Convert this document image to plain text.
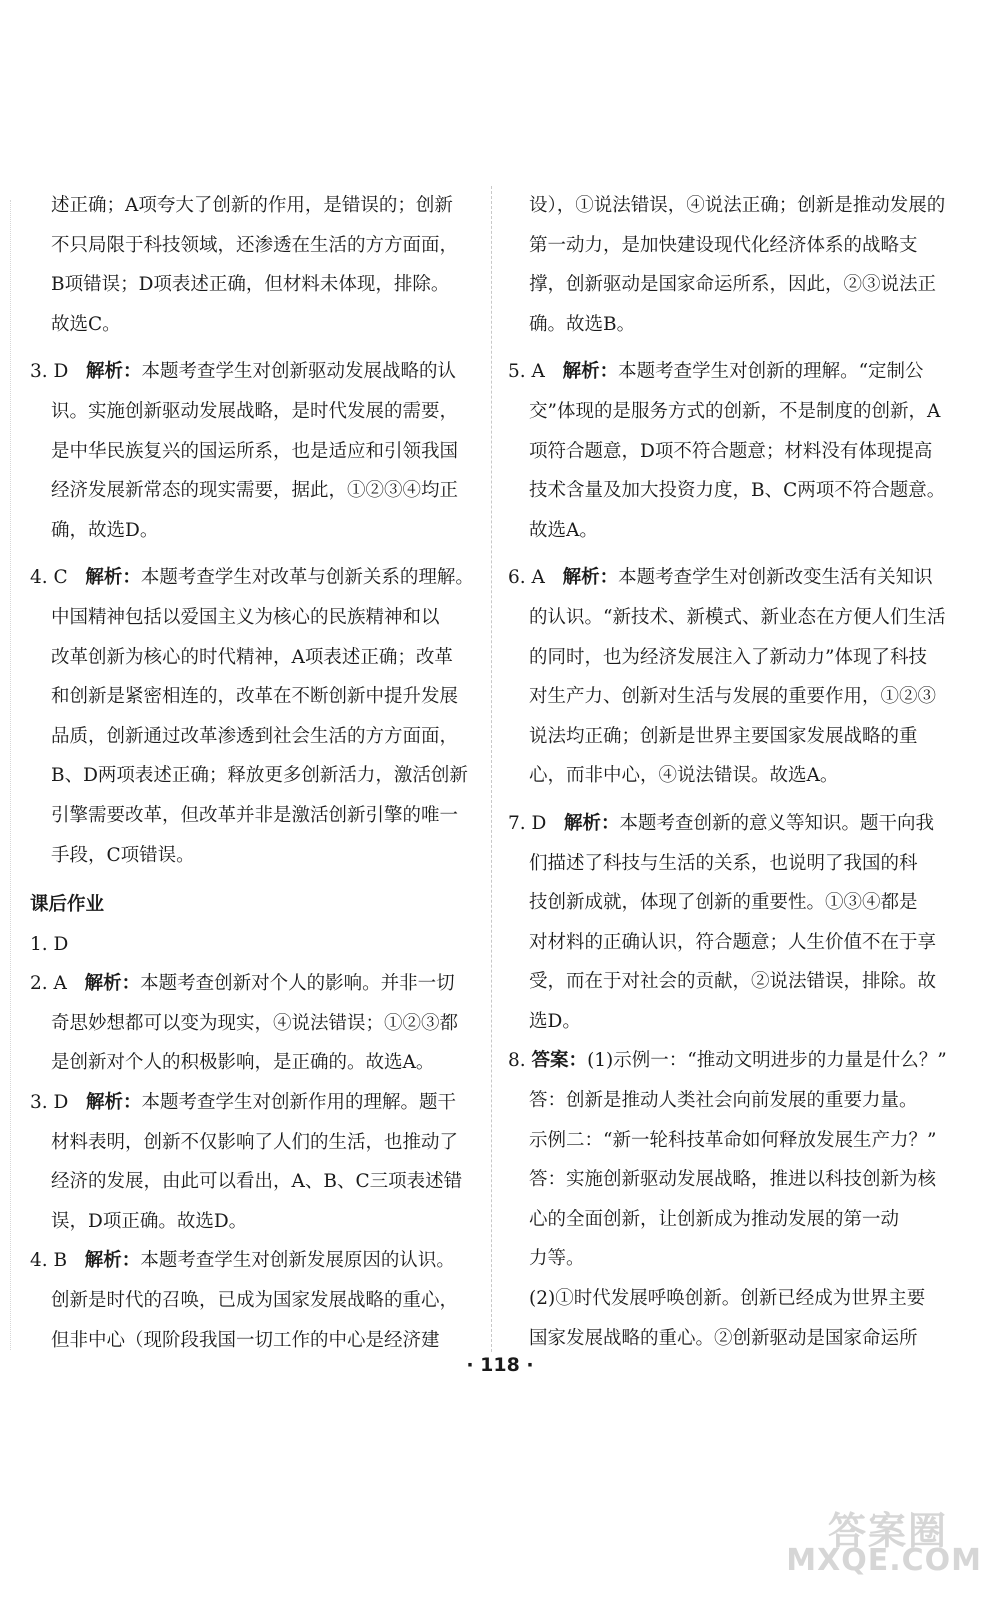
述正确；A项夸大了创新的作用，是错误的；创新
不只局限于科技领域，还渗透在生活的方方面面，
B项错误；D项表述正确，但材料未体现，排除。
故选C。
3. D 解析：本题考查学生对创新驱动发展战略的认
识。实施创新驱动发展战略，是时代发展的需要，
是中华民族复兴的国运所系，也是适应和引领我国
经济发展新常态的现实需要，据此，①②③④均正
确，故选D。
4. C 解析：本题考查学生对改革与创新关系的理解。
中国精神包括以爱国主义为核心的民族精神和以
改革创新为核心的时代精神，A项表述正确；改革
和创新是紧密相连的，改革在不断创新中提升发展
品质，创新通过改革渗透到社会生活的方方面面，
B、D两项表述正确；释放更多创新活力，激活创新
引擎需要改革，但改革并非是激活创新引擎的唯一
手段，C项错误。
课后作业
1. D
2. A 解析：本题考查创新对个人的影响。并非一切
奇思妙想都可以变为现实，④说法错误；①②③都
是创新对个人的积极影响，是正确的。故选A。
3. D 解析：本题考查学生对创新作用的理解。题干
材料表明，创新不仅影响了人们的生活，也推动了
经济的发展，由此可以看出，A、B、C三项表述错
误，D项正确。故选D。
4. B 解析：本题考查学生对创新发展原因的认识。
创新是时代的召唤，已成为国家发展战略的重心，
但非中心（现阶段我国一切工作的中心是经济建
设），①说法错误，④说法正确；创新是推动发展的
第一动力，是加快建设现代化经济体系的战略支
撑，创新驱动是国家命运所系，因此，②③说法正
确。故选B。
5. A 解析：本题考查学生对创新的理解。“定制公
交”体现的是服务方式的创新，不是制度的创新，A
项符合题意，D项不符合题意；材料没有体现提高
技术含量及加大投资力度，B、C两项不符合题意。
故选A。
6. A 解析：本题考查学生对创新改变生活有关知识
的认识。“新技术、新模式、新业态在方便人们生活
的同时，也为经济发展注入了新动力”体现了科技
对生产力、创新对生活与发展的重要作用，①②③
说法均正确；创新是世界主要国家发展战略的重
心，而非中心，④说法错误。故选A。
7. D 解析：本题考查创新的意义等知识。题干向我
们描述了科技与生活的关系，也说明了我国的科
技创新成就，体现了创新的重要性。①③④都是
对材料的正确认识，符合题意；人生价值不在于享
受，而在于对社会的贡献，②说法错误，排除。故
选D。
8. 答案：(1)示例一：“推动文明进步的力量是什么？”
答：创新是推动人类社会向前发展的重要力量。
示例二：“新一轮科技革命如何释放发展生产力？”
答：实施创新驱动发展战略，推进以科技创新为核
心的全面创新，让创新成为推动发展的第一动
力等。
(2)①时代发展呼唤创新。创新已经成为世界主要
国家发展战略的重心。②创新驱动是国家命运所
· 118 ·
答案圈
MXQE.COM
